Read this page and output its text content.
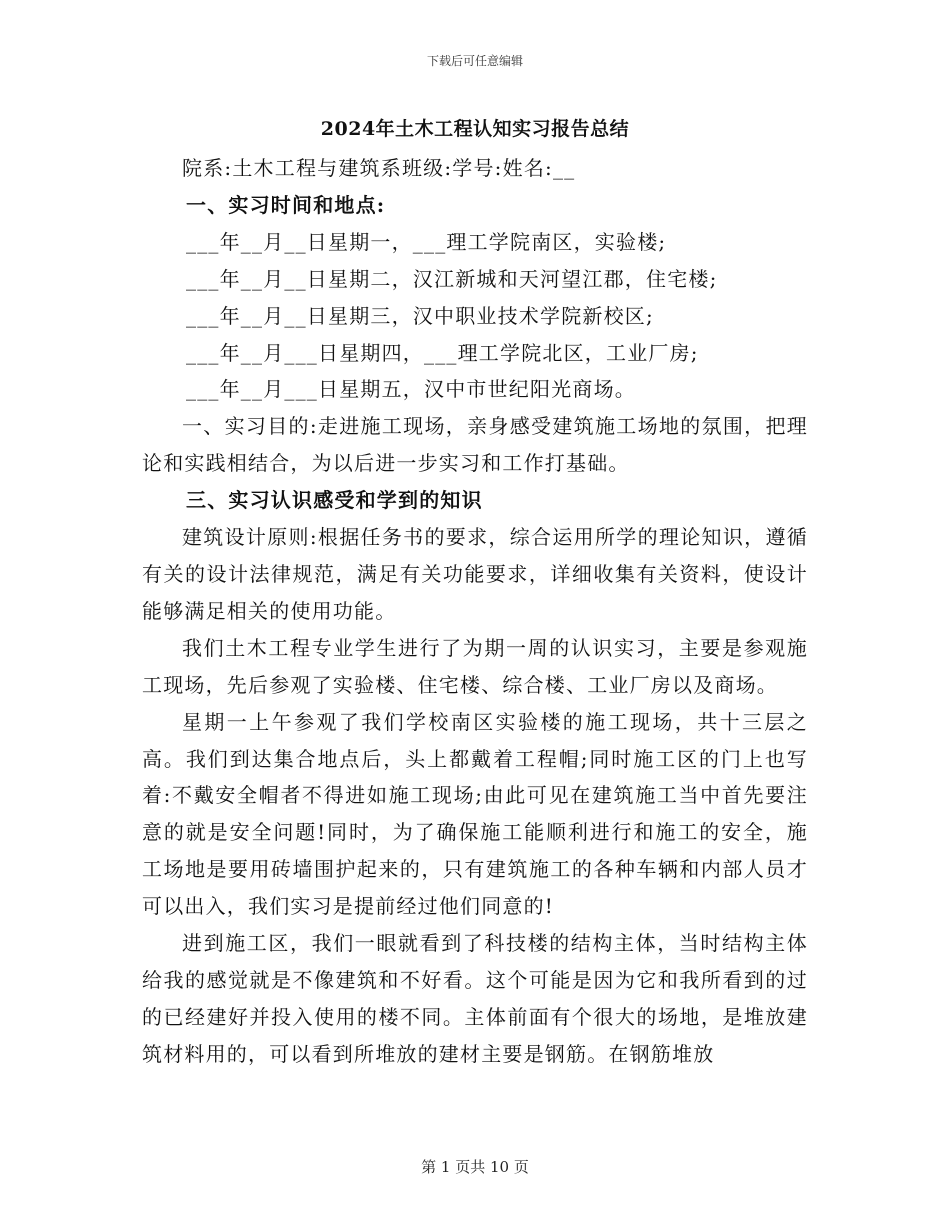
下载后可任意编辑
2024年土木工程认知实习报告总结

院系:土木工程与建筑系班级:学号:姓名:__

一、实习时间和地点:

___年__月__日星期一，___理工学院南区，实验楼;

___年__月__日星期二，汉江新城和天河望江郡，住宅楼;

___年__月__日星期三，汉中职业技术学院新校区;

___年__月___日星期四，___理工学院北区，工业厂房;

___年__月___日星期五，汉中市世纪阳光商场。

一、实习目的:走进施工现场，亲身感受建筑施工场地的氛围，把理论和实践相结合，为以后进一步实习和工作打基础。

三、实习认识感受和学到的知识

建筑设计原则:根据任务书的要求，综合运用所学的理论知识，遵循有关的设计法律规范，满足有关功能要求，详细收集有关资料，使设计能够满足相关的使用功能。

我们土木工程专业学生进行了为期一周的认识实习，主要是参观施工现场，先后参观了实验楼、住宅楼、综合楼、工业厂房以及商场。

星期一上午参观了我们学校南区实验楼的施工现场，共十三层之高。我们到达集合地点后，头上都戴着工程帽;同时施工区的门上也写着:不戴安全帽者不得进如施工现场;由此可见在建筑施工当中首先要注意的就是安全问题!同时，为了确保施工能顺利进行和施工的安全，施工场地是要用砖墙围护起来的，只有建筑施工的各种车辆和内部人员才可以出入，我们实习是提前经过他们同意的!

进到施工区，我们一眼就看到了科技楼的结构主体，当时结构主体给我的感觉就是不像建筑和不好看。这个可能是因为它和我所看到的过的已经建好并投入使用的楼不同。主体前面有个很大的场地，是堆放建筑材料用的，可以看到所堆放的建材主要是钢筋。在钢筋堆放

第 1 页共 10 页
